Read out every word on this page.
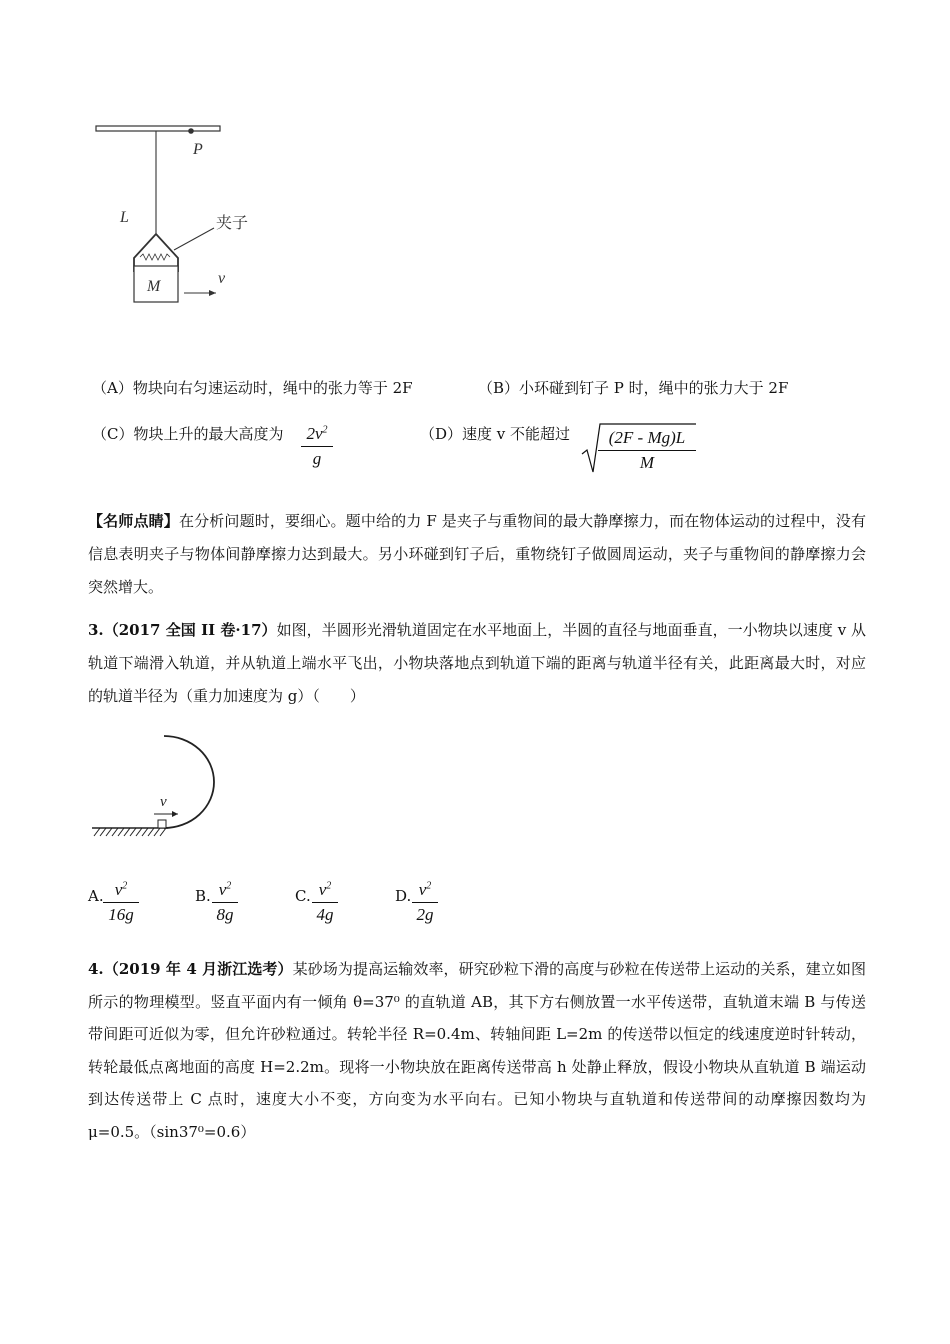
P
L	夹子
M	v
（A）物块向右匀速运动时，绳中的张力等于 2F	（B）小环碰到钉子 P 时，绳中的张力大于 2F
（C）物块上升的最大高度为	$2v^2$
g
（D）速度 v 不能超过	(2F - Mg)L
M
【名师点睛】在分析问题时，要细心。题中给的力 F 是夹子与重物间的最大静摩擦力，而在物体运动的过程中，没有信息表明夹子与物体间静摩擦力达到最大。另小环碰到钉子后，重物绕钉子做圆周运动，夹子与重物间的静摩擦力会突然增大。
3.（2017 全国 II 卷·17）如图，半圆形光滑轨道固定在水平地面上，半圆的直径与地面垂直，一小物块以速度 v 从轨道下端滑入轨道，并从轨道上端水平飞出，小物块落地点到轨道下端的距离与轨道半径有关，此距离最大时，对应的轨道半径为（重力加速度为 g）（　　）
v
A. $v^2$
16g
B. $v^2$
8g
C. $v^2$
4g
D. $v^2$
2g
4.（2019 年 4 月浙江选考）某砂场为提高运输效率，研究砂粒下滑的高度与砂粒在传送带上运动的关系，建立如图所示的物理模型。竖直平面内有一倾角 θ=37⁰ 的直轨道 AB，其下方右侧放置一水平传送带，直轨道末端 B 与传送带间距可近似为零，但允许砂粒通过。转轮半径 R=0.4m、转轴间距 L=2m 的传送带以恒定的线速度逆时针转动，转轮最低点离地面的高度 H=2.2m。现将一小物块放在距离传送带高 h 处静止释放，假设小物块从直轨道 B 端运动到达传送带上 C 点时，速度大小不变，方向变为水平向右。已知小物块与直轨道和传送带间的动摩擦因数均为 μ=0.5。（sin37⁰=0.6）
